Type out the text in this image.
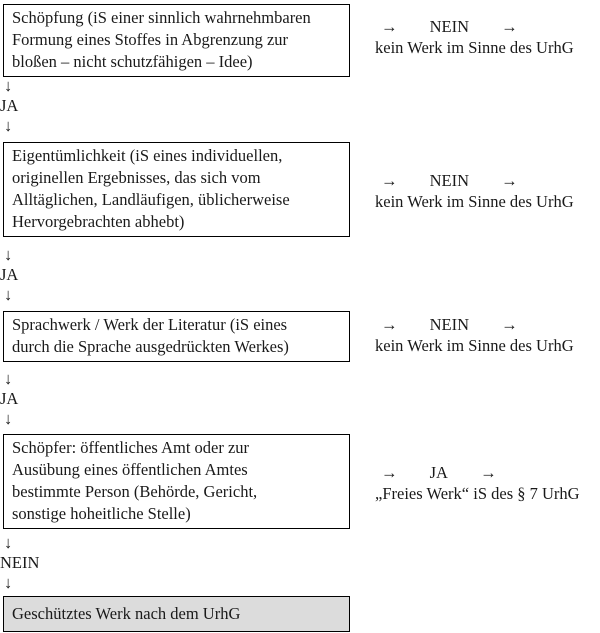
Schöpfung (iS einer sinnlich wahrnehmbaren
Formung eines Stoffes in Abgrenzung zur
bloßen – nicht schutzfähigen – Idee)
→ NEIN →
kein Werk im Sinne des UrhG
↓
JA
↓
Eigentümlichkeit (iS eines individuellen,
originellen Ergebnisses, das sich vom
Alltäglichen, Landläufigen, üblicherweise
Hervorgebrachten abhebt)
→ NEIN →
kein Werk im Sinne des UrhG
↓
JA
↓
Sprachwerk / Werk der Literatur (iS eines
durch die Sprache ausgedrückten Werkes)
→ NEIN →
kein Werk im Sinne des UrhG
↓
JA
↓
Schöpfer: öffentliches Amt oder zur
Ausübung eines öffentlichen Amtes
bestimmte Person (Behörde, Gericht,
sonstige hoheitliche Stelle)
→ JA →
„Freies Werk“ iS des § 7 UrhG
↓
NEIN
↓
Geschütztes Werk nach dem UrhG
